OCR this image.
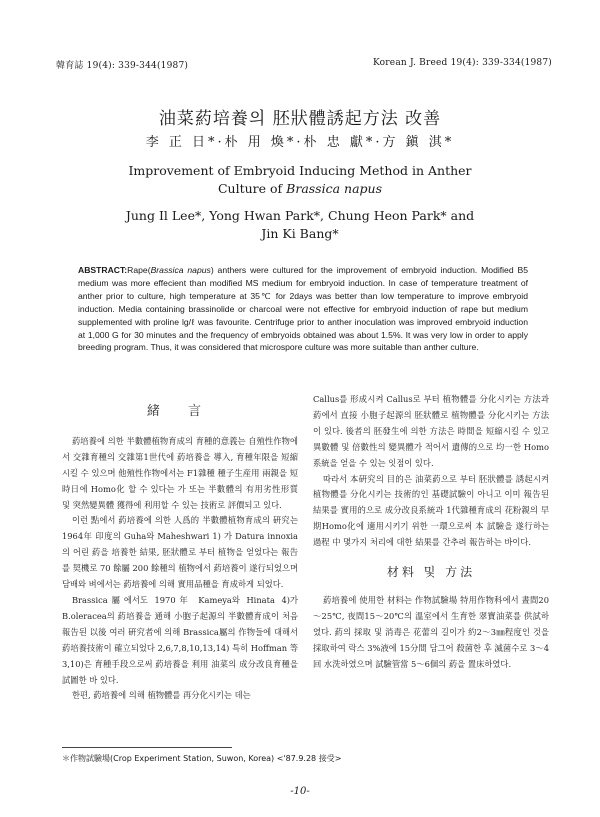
韓育誌 19(4): 339-344(1987)	Korean J. Breed 19(4): 339-334(1987)
油菜葯培養의 胚狀體誘起方法 改善
李 正 日*·朴 用 煥*·朴 忠 獻*·方 鎭 淇*
Improvement of Embryoid Inducing Method in Anther
Culture of Brassica napus
Jung Il Lee*, Yong Hwan Park*, Chung Heon Park* and
Jin Ki Bang*
ABSTRACT:Rape(Brassica napus) anthers were cultured for the improvement of embryoid induction. Modified B5 medium was more effecient than modified MS medium for embryoid induction. In case of temperature treatment of anther prior to culture, high temperature at 35℃ for 2days was better than low temperature to improve embryoid induction. Media containing brassinolide or charcoal were not effective for embryoid induction of rape but medium supplemented with proline lg/ℓ was favourite. Centrifuge prior to anther inoculation was improved embryoid induction at 1,000 G for 30 minutes and the frequency of embryoids obtained was about 1.5%. It was very low in order to apply breeding program. Thus, it was considered that microspore culture was more suitable than anther culture.
緒 言

葯培養에 의한 半數體植物育成의 育種的意義는 自殖性作物에서 交雜育種의 交雜第1世代에 葯培養을 導入, 育種年限을 短縮시킬 수 있으며 他殖性作物에서는 F1雜種 種子生産用 兩親을 短時日에 Homo化 할 수 있다는 가 또는 半數體의 有用劣性形質 및 突然變異體 獲得에 利用할 수 있는 技術로 評價되고 있다.

이런 點에서 葯培養에 의한 人爲的 半數體植物育成의 硏究는 1964年 印度의 Guha와 Maheshwari 1) 가 Datura innoxia의 어린 葯을 培養한 結果, 胚狀體로 부터 植物을 얻었다는 報告를 契機로 70 餘屬 200 餘種의 植物에서 葯培養이 遂行되었으며 담배와 벼에서는 葯培養에 의해 實用品種을 育成하게 되었다.

Brassica屬에서도 1970年 Kameya와 Hinata 4)가 B.oleracea의 葯培養을 通해 小胞子起源의 半數體育成이 처음 報告된 以後 여러 硏究者에 의해 Brassica屬의 作物들에 대해서 葯培養技術이 確立되었다 2,6,7,8,10,13,14) 특히 Hoffman 等 3,10)은 育種手段으로써 葯培養을 利用 油菜의 成分改良育種을 試圖한 바 있다.

한편, 葯培養에 의해 植物體를 再分化시키는 데는

Callus를 形成시켜 Callus로 부터 植物體를 分化시키는 方法과 葯에서 直接 小胞子起源의 胚狀體로 植物體를 分化시키는 方法이 있다. 後者의 胚發生에 의한 方法은 時間을 短縮시킬 수 있고 異數體 및 倍數性의 變異體가 적어서 遺傳的으로 均一한 Homo系統을 얻을 수 있는 잇점이 있다.

따라서 本硏究의 目的은 油菜葯으로 부터 胚狀體를 誘起시켜 植物體를 分化시키는 技術的인 基礎試驗이 아니고 이미 報告된 結果를 實用的으로 成分改良系統과 1代雜種育成의 花粉親의 早期Homo化에 適用시키기 위한 一環으로써 本 試驗을 遂行하는 過程 中 몇가지 처리에 대한 結果를 간추려 報告하는 바이다.

材料 및 方法

葯培養에 使用한 材料는 作物試驗場 特用作物科에서 晝間20～25℃, 夜間15～20℃의 溫室에서 生育한 翠寶油菜를 供試하였다. 葯의 採取 및 消毒은 花蕾의 길이가 約2～3㎜程度인 것을 採取하여 락스 3%液에 15分間 담그어 殺菌한 후 滅菌수로 3～4回 水洗하였으며 試驗管當 5～6個의 葯을 置床하였다.

＊作物試驗場(Crop Experiment Station, Suwon, Korea) <'87.9.28 接受>
-10-
